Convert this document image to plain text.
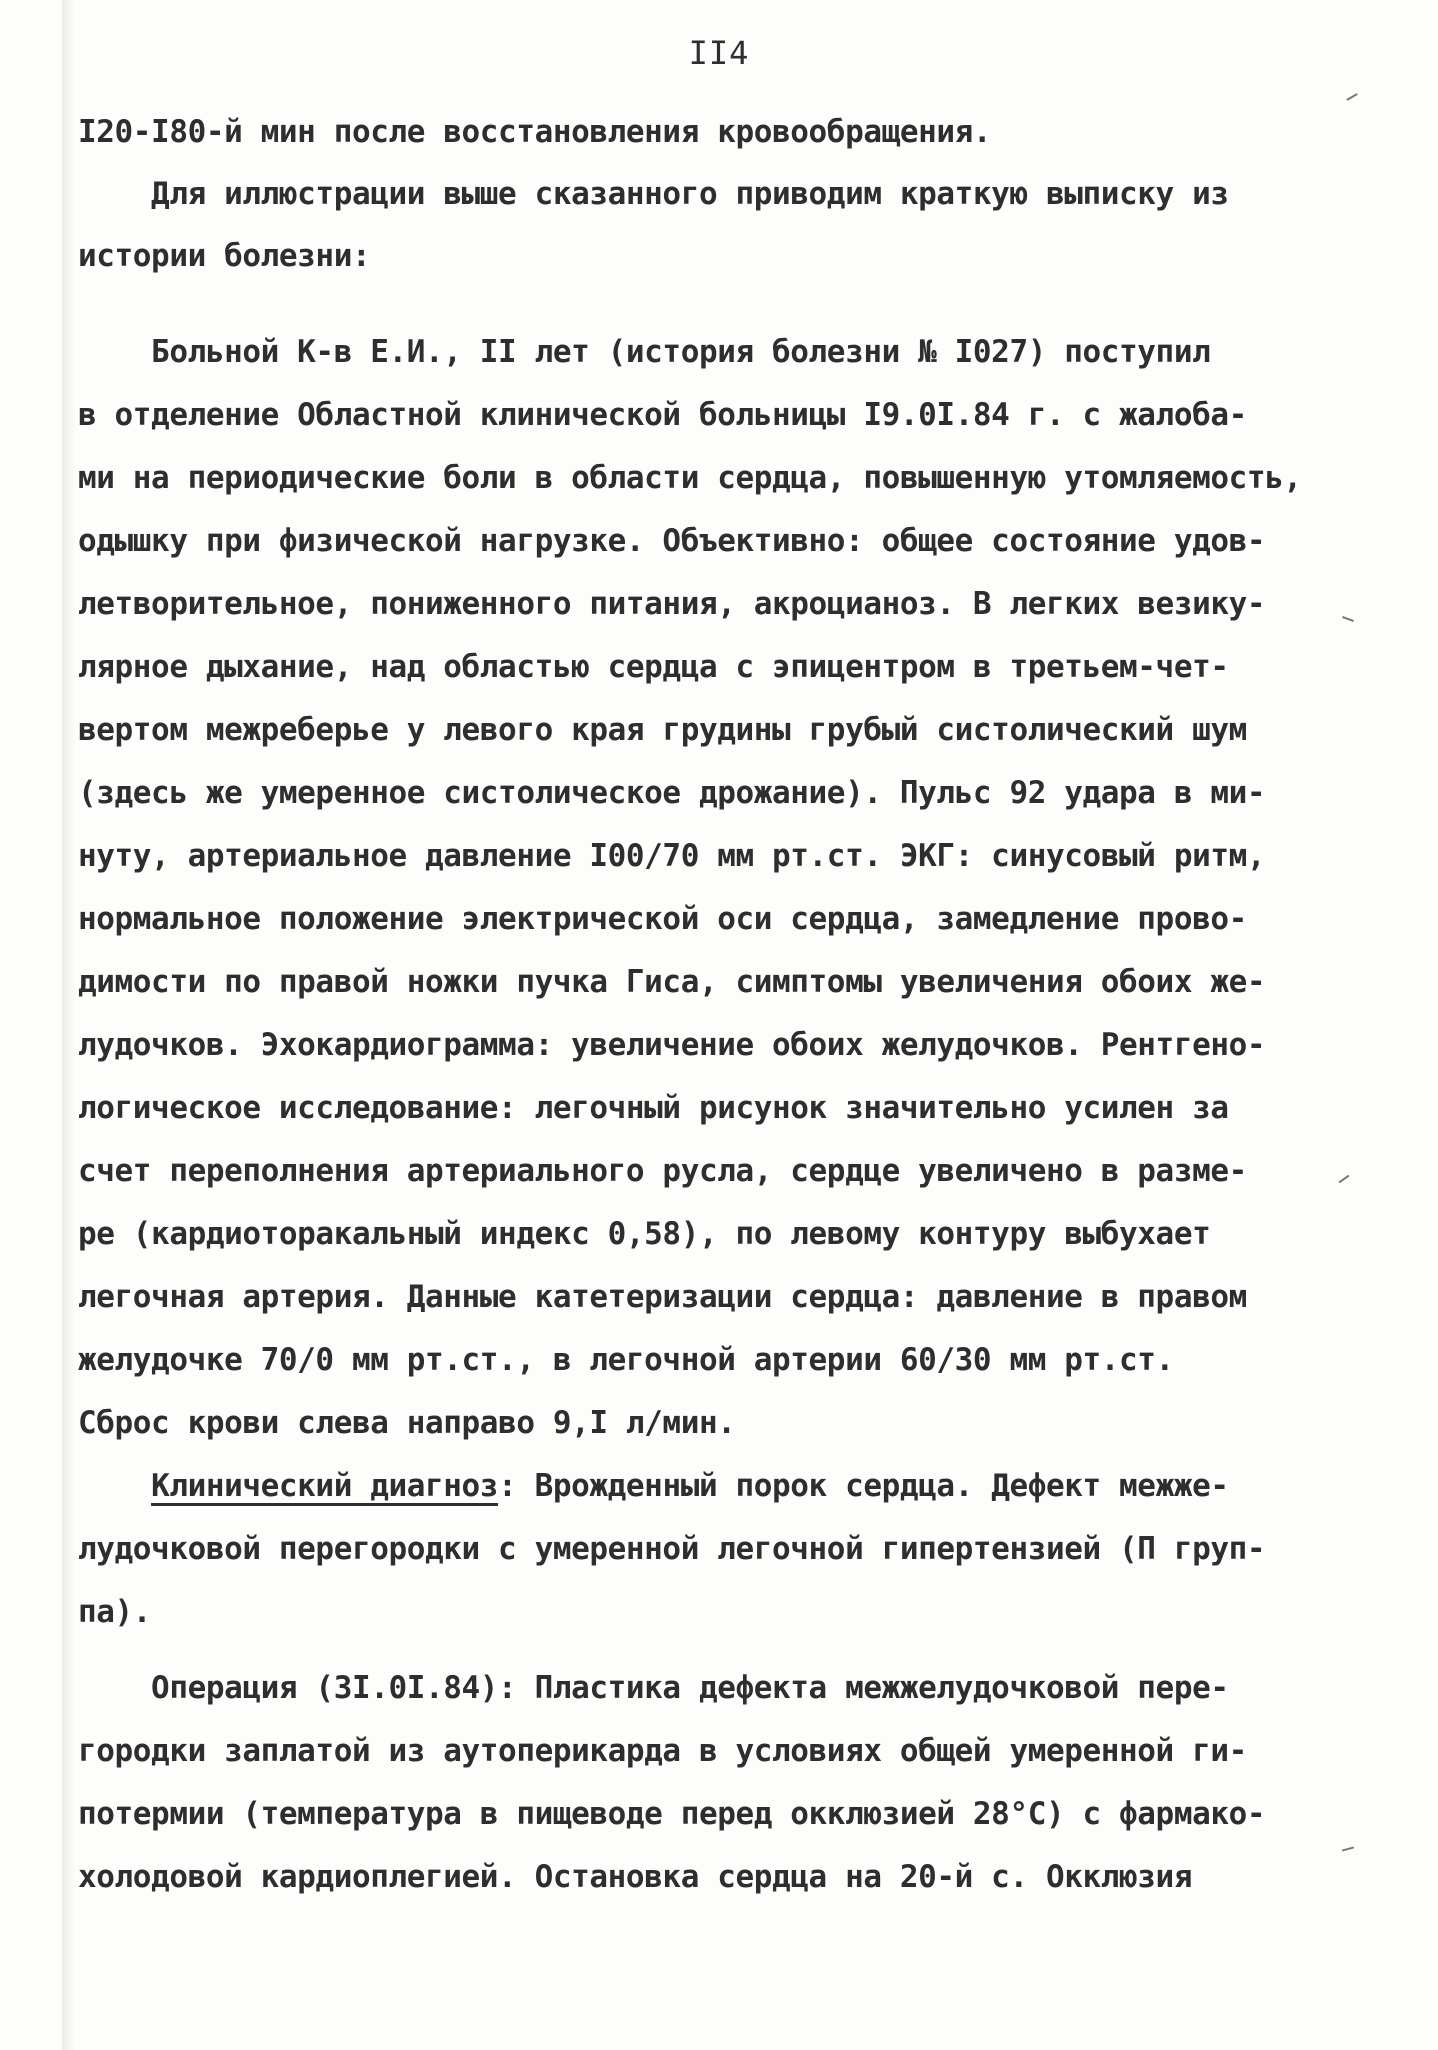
II4
I20-I80-й мин после восстановления кровообращения.
Для иллюстрации выше сказанного приводим краткую выписку из
истории болезни:
Больной К-в Е.И., II лет (история болезни № I027) поступил
в отделение Областной клинической больницы I9.0I.84 г. с жалоба-
ми на периодические боли в области сердца, повышенную утомляемость,
одышку при физической нагрузке. Объективно: общее состояние удов-
летворительное, пониженного питания, акроцианоз. В легких везику-
лярное дыхание, над областью сердца с эпицентром в третьем-чет-
вертом межреберье у левого края грудины грубый систолический шум
(здесь же умеренное систолическое дрожание). Пульс 92 удара в ми-
нуту, артериальное давление I00/70 мм рт.ст. ЭКГ: синусовый ритм,
нормальное положение электрической оси сердца, замедление прово-
димости по правой ножки пучка Гиса, симптомы увеличения обоих же-
лудочков. Эхокардиограмма: увеличение обоих желудочков. Рентгено-
логическое исследование: легочный рисунок значительно усилен за
счет переполнения артериального русла, сердце увеличено в разме-
ре (кардиоторакальный индекс 0,58), по левому контуру выбухает
легочная артерия. Данные катетеризации сердца: давление в правом
желудочке 70/0 мм рт.ст., в легочной артерии 60/30 мм рт.ст.
Сброс крови слева направо 9,I л/мин.
Клинический диагноз: Врожденный порок сердца. Дефект межже-
лудочковой перегородки с умеренной легочной гипертензией (П груп-
па).
Операция (3I.0I.84): Пластика дефекта межжелудочковой пере-
городки заплатой из аутоперикарда в условиях общей умеренной ги-
потермии (температура в пищеводе перед окклюзией 28°С) с фармако-
холодовой кардиоплегией. Остановка сердца на 20-й с. Окклюзия
